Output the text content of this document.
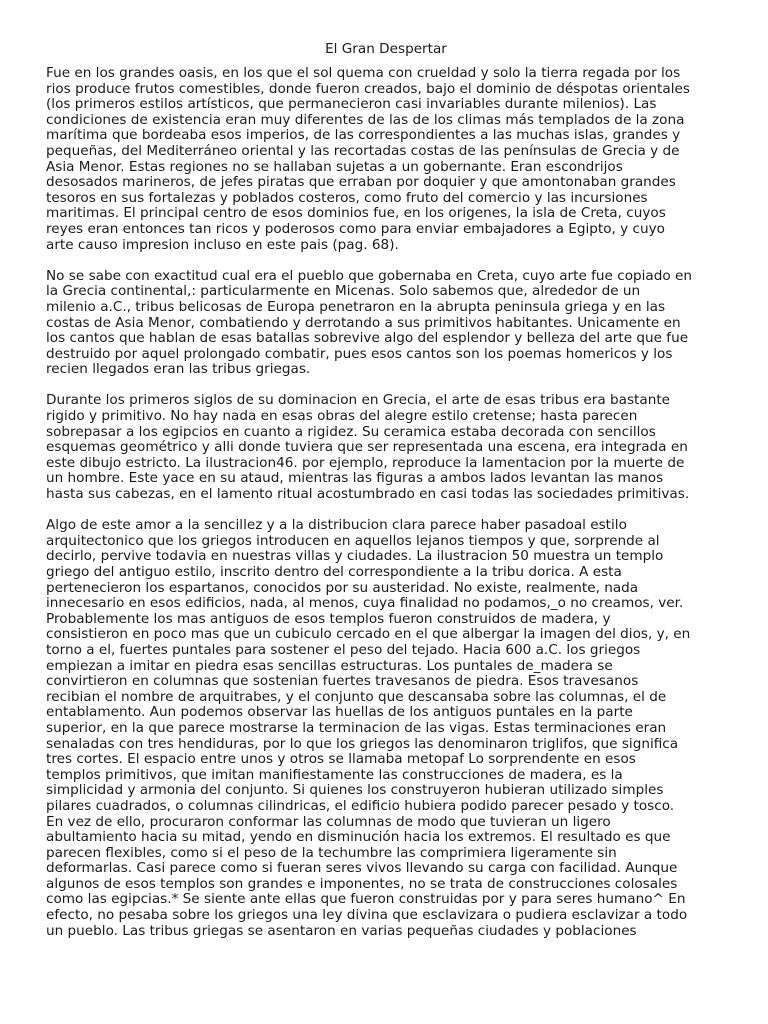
El Gran Despertar
Fue en los grandes oasis, en los que el sol quema con crueldad y solo la tierra regada por los
rios produce frutos comestibles, donde fueron creados, bajo el dominio de déspotas orientales
(los primeros estilos artísticos, que permanecieron casi invariables durante milenios). Las
condiciones de existencia eran muy diferentes de las de los climas más templados de la zona
marítima que bordeaba esos imperios, de las correspondientes a las muchas islas, grandes y
pequeñas, del Mediterráneo oriental y las recortadas costas de las penínsulas de Grecia y de
Asia Menor. Estas regiones no se hallaban sujetas a un gobernante. Eran escondrijos
desosados marineros, de jefes piratas que erraban por doquier y que amontonaban grandes
tesoros en sus fortalezas y poblados costeros, como fruto del comercio y las incursiones
maritimas. El principal centro de esos dominios fue, en los origenes, la isla de Creta, cuyos
reyes eran entonces tan ricos y poderosos como para enviar embajadores a Egipto, y cuyo
arte causo impresion incluso en este pais (pag. 68).
No se sabe con exactitud cual era el pueblo que gobernaba en Creta, cuyo arte fue copiado en
la Grecia continental,: particularmente en Micenas. Solo sabemos que, alrededor de un
milenio a.C., tribus belicosas de Europa penetraron en la abrupta peninsula griega y en las
costas de Asia Menor, combatiendo y derrotando a sus primitivos habitantes. Unicamente en
los cantos que hablan de esas batallas sobrevive algo del esplendor y belleza del arte que fue
destruido por aquel prolongado combatir, pues esos cantos son los poemas homericos y los
recien llegados eran las tribus griegas.
Durante los primeros siglos de su dominacion en Grecia, el arte de esas tribus era bastante
rigido y primitivo. No hay nada en esas obras del alegre estilo cretense; hasta parecen
sobrepasar a los egipcios en cuanto a rigidez. Su ceramica estaba decorada con sencillos
esquemas geométrico y alli donde tuviera que ser representada una escena, era integrada en
este dibujo estricto. La ilustracion46. por ejemplo, reproduce la lamentacion por la muerte de
un hombre. Este yace en su ataud, mientras las figuras a ambos lados levantan las manos
hasta sus cabezas, en el lamento ritual acostumbrado en casi todas las sociedades primitivas.
Algo de este amor a la sencillez y a la distribucion clara parece haber pasadoal estilo
arquitectonico que los griegos introducen en aquellos lejanos tiempos y que, sorprende al
decirlo, pervive todavia en nuestras villas y ciudades. La ilustracion 50 muestra un templo
griego del antiguo estilo, inscrito dentro del correspondiente a la tribu dorica. A esta
pertenecieron los espartanos, conocidos por su austeridad. No existe, realmente, nada
innecesario en esos edificios, nada, al menos, cuya finalidad no podamos,_o no creamos, ver.
Probablemente los mas antiguos de esos templos fueron construidos de madera, y
consistieron en poco mas que un cubiculo cercado en el que albergar la imagen del dios, y, en
torno a el, fuertes puntales para sostener el peso del tejado. Hacia 600 a.C. los griegos
empiezan a imitar en piedra esas sencillas estructuras. Los puntales de_madera se
convirtieron en columnas que sostenian fuertes travesanos de piedra. Esos travesanos
recibian el nombre de arquitrabes, y el conjunto que descansaba sobre las columnas, el de
entablamento. Aun podemos observar las huellas de los antiguos puntales en la parte
superior, en la que parece mostrarse la terminacion de las vigas. Estas terminaciones eran
senaladas con tres hendiduras, por lo que los griegos las denominaron triglifos, que significa
tres cortes. El espacio entre unos y otros se llamaba metopaf Lo sorprendente en esos
templos primitivos, que imitan manifiestamente las construcciones de madera, es la
simplicidad y armonia del conjunto. Si quienes los construyeron hubieran utilizado simples
pilares cuadrados, o columnas cilindricas, el edificio hubiera podido parecer pesado y tosco.
En vez de ello, procuraron conformar las columnas de modo que tuvieran un ligero
abultamiento hacia su mitad, yendo en disminución hacia los extremos. El resultado es que
parecen flexibles, como si el peso de la techumbre las comprimiera ligeramente sin
deformarlas. Casi parece como si fueran seres vivos llevando su carga con facilidad. Aunque
algunos de esos templos son grandes e imponentes, no se trata de construcciones colosales
como las egipcias.* Se siente ante ellas que fueron construidas por y para seres humano^ En
efecto, no pesaba sobre los griegos una ley divina que esclavizara o pudiera esclavizar a todo
un pueblo. Las tribus griegas se asentaron en varias pequeñas ciudades y poblaciones
